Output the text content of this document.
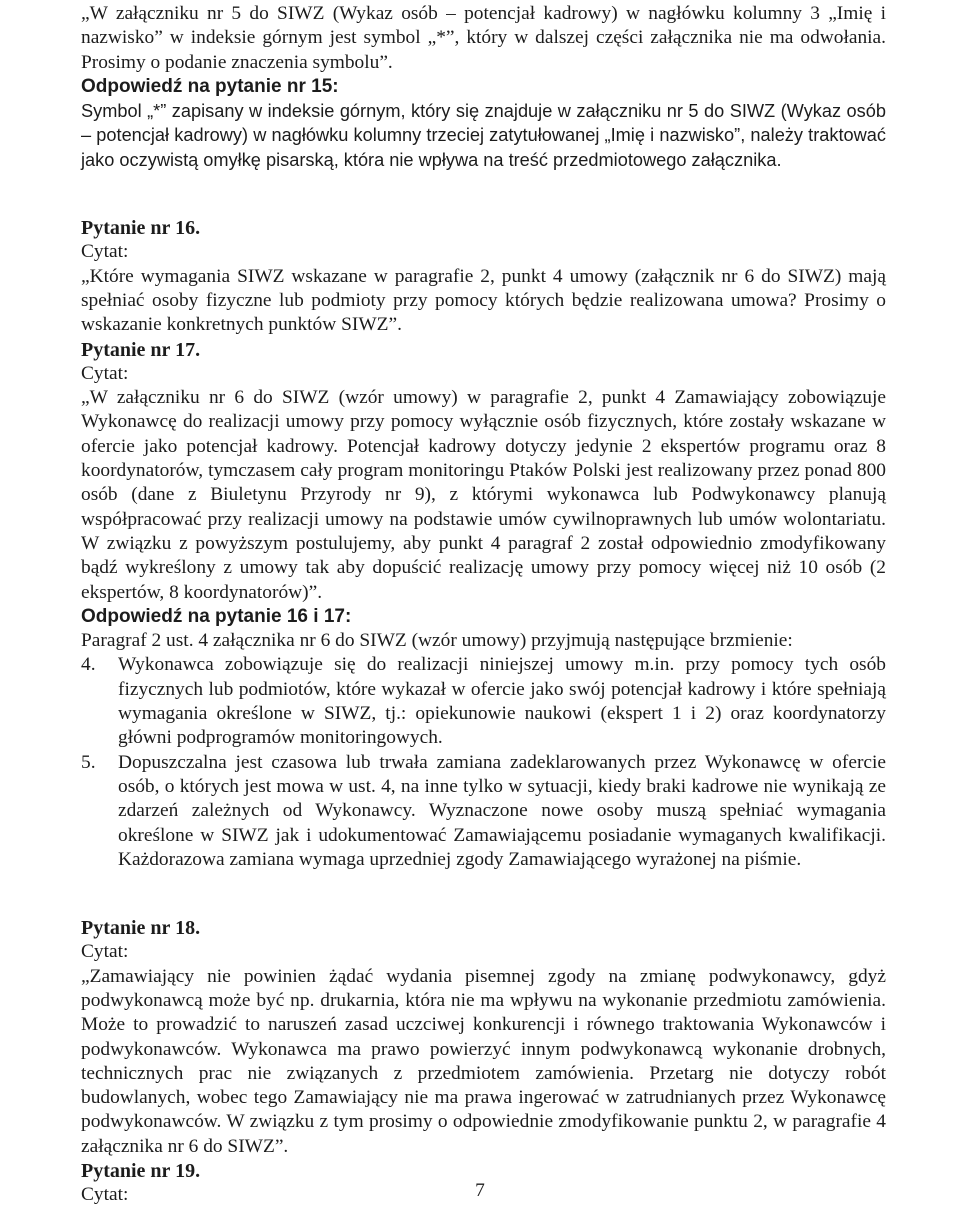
„W załączniku nr 5 do SIWZ (Wykaz osób – potencjał kadrowy) w nagłówku kolumny 3 „Imię i nazwisko” w indeksie górnym jest symbol „*”, który w dalszej części załącznika nie ma odwołania. Prosimy o podanie znaczenia symbolu”.

Odpowiedź na pytanie nr 15:

Symbol „*” zapisany w indeksie górnym, który się znajduje w załączniku nr 5 do SIWZ (Wykaz osób – potencjał kadrowy) w nagłówku kolumny trzeciej zatytułowanej „Imię i nazwisko”, należy traktować jako oczywistą omyłkę pisarską, która nie wpływa na treść przedmiotowego załącznika.

Pytanie nr 16.

Cytat:

„Które wymagania SIWZ wskazane w paragrafie 2, punkt 4 umowy (załącznik nr 6 do SIWZ) mają spełniać osoby fizyczne lub podmioty przy pomocy których będzie realizowana umowa? Prosimy o wskazanie konkretnych punktów SIWZ”.

Pytanie nr 17.

Cytat:

„W załączniku nr 6 do SIWZ (wzór umowy) w paragrafie 2, punkt 4 Zamawiający zobowiązuje Wykonawcę do realizacji umowy przy pomocy wyłącznie osób fizycznych, które zostały wskazane w ofercie jako potencjał kadrowy. Potencjał kadrowy dotyczy jedynie 2 ekspertów programu oraz 8 koordynatorów, tymczasem cały program monitoringu Ptaków Polski jest realizowany przez ponad 800 osób (dane z Biuletynu Przyrody nr 9), z którymi wykonawca lub Podwykonawcy planują współpracować przy realizacji umowy na podstawie umów cywilnoprawnych lub umów wolontariatu. W związku z powyższym postulujemy, aby punkt 4 paragraf 2 został odpowiednio zmodyfikowany bądź wykreślony z umowy tak aby dopuścić realizację umowy przy pomocy więcej niż 10 osób (2 ekspertów, 8 koordynatorów)”.

Odpowiedź na pytanie 16 i 17:

Paragraf 2 ust. 4 załącznika nr 6 do SIWZ (wzór umowy) przyjmują następujące brzmienie:

4.	Wykonawca zobowiązuje się do realizacji niniejszej umowy m.in. przy pomocy tych osób fizycznych lub podmiotów, które wykazał w ofercie jako swój potencjał kadrowy i które spełniają wymagania określone w SIWZ, tj.: opiekunowie naukowi (ekspert 1 i 2) oraz koordynatorzy główni podprogramów monitoringowych.
5.	Dopuszczalna jest czasowa lub trwała zamiana zadeklarowanych przez Wykonawcę w ofercie osób, o których jest mowa w ust. 4, na inne tylko w sytuacji, kiedy braki kadrowe nie wynikają ze zdarzeń zależnych od Wykonawcy. Wyznaczone nowe osoby muszą spełniać wymagania określone w SIWZ jak i udokumentować Zamawiającemu posiadanie wymaganych kwalifikacji. Każdorazowa zamiana wymaga uprzedniej zgody Zamawiającego wyrażonej na piśmie.

Pytanie nr 18.

Cytat:

„Zamawiający nie powinien żądać wydania pisemnej zgody na zmianę podwykonawcy, gdyż podwykonawcą może być np. drukarnia, która nie ma wpływu na wykonanie przedmiotu zamówienia. Może to prowadzić to naruszeń zasad uczciwej konkurencji i równego traktowania Wykonawców i podwykonawców. Wykonawca ma prawo powierzyć innym podwykonawcą wykonanie drobnych, technicznych prac nie związanych z przedmiotem zamówienia. Przetarg nie dotyczy robót budowlanych, wobec tego Zamawiający nie ma prawa ingerować w zatrudnianych przez Wykonawcę podwykonawców. W związku z tym prosimy o odpowiednie zmodyfikowanie punktu 2, w paragrafie 4 załącznika nr 6 do SIWZ”.

Pytanie nr 19.

Cytat:	7
